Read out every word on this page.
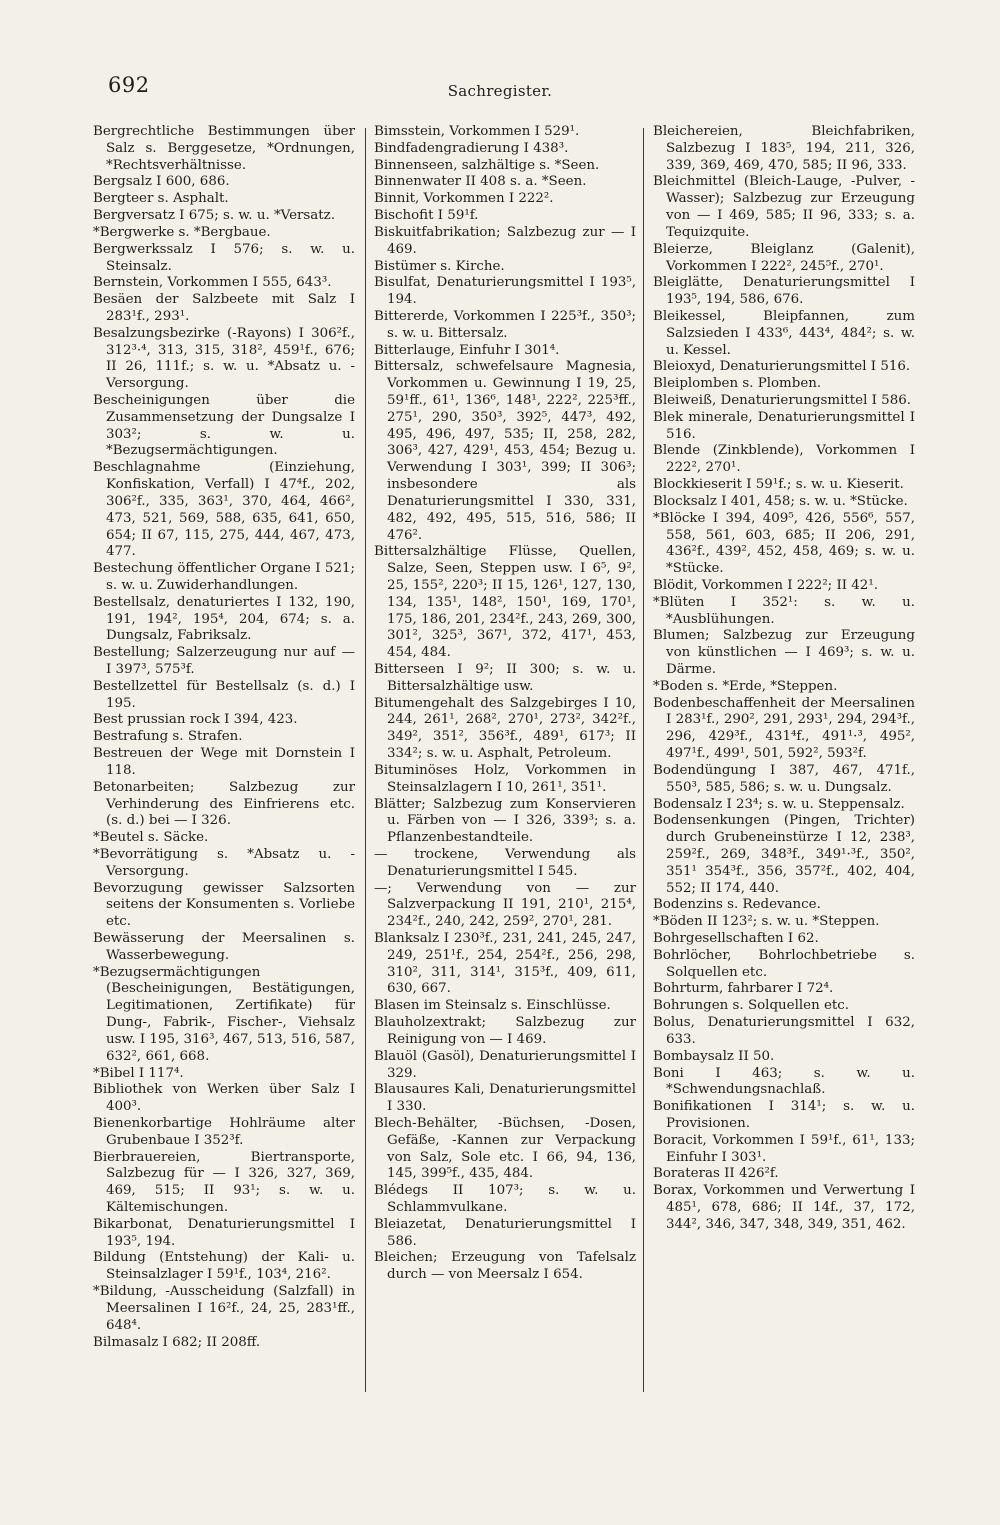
692	Sachregister.
Bergrechtliche Bestimmungen über Salz s. Berggesetze, *Ordnungen, *Rechtsverhältnisse.
Bergsalz I 600, 686.
Bergteer s. Asphalt.
Bergversatz I 675; s. w. u. *Versatz.
*Bergwerke s. *Bergbaue.
Bergwerkssalz I 576; s. w. u. Steinsalz.
Bernstein, Vorkommen I 555, 643³.
Besäen der Salzbeete mit Salz I 283¹f., 293¹.
Besalzungsbezirke (-Rayons) I 306²f., 312³·⁴, 313, 315, 318², 459¹f., 676; II 26, 111f.; s. w. u. *Absatz u. -Versorgung.
Bescheinigungen über die Zusammensetzung der Dungsalze I 303²; s. w. u. *Bezugsermächtigungen.
Beschlagnahme (Einziehung, Konfiskation, Verfall) I 47⁴f., 202, 306²f., 335, 363¹, 370, 464, 466², 473, 521, 569, 588, 635, 641, 650, 654; II 67, 115, 275, 444, 467, 473, 477.
Bestechung öffentlicher Organe I 521; s. w. u. Zuwiderhandlungen.
Bestellsalz, denaturiertes I 132, 190, 191, 194², 195⁴, 204, 674; s. a. Dungsalz, Fabriksalz.
Bestellung; Salzerzeugung nur auf — I 397³, 575³f.
Bestellzettel für Bestellsalz (s. d.) I 195.
Best prussian rock I 394, 423.
Bestrafung s. Strafen.
Bestreuen der Wege mit Dornstein I 118.
Betonarbeiten; Salzbezug zur Verhinderung des Einfrierens etc. (s. d.) bei — I 326.
*Beutel s. Säcke.
*Bevorrätigung s. *Absatz u. -Versorgung.
Bevorzugung gewisser Salzsorten seitens der Konsumenten s. Vorliebe etc.
Bewässerung der Meersalinen s. Wasserbewegung.
*Bezugsermächtigungen (Bescheinigungen, Bestätigungen, Legitimationen, Zertifikate) für Dung-, Fabrik-, Fischer-, Viehsalz usw. I 195, 316³, 467, 513, 516, 587, 632², 661, 668.
*Bibel I 117⁴.
Bibliothek von Werken über Salz I 400³.
Bienenkorbartige Hohlräume alter Grubenbaue I 352³f.
Bierbrauereien, Biertransporte, Salzbezug für — I 326, 327, 369, 469, 515; II 93¹; s. w. u. Kältemischungen.
Bikarbonat, Denaturierungsmittel I 193⁵, 194.
Bildung (Entstehung) der Kali- u. Steinsalzlager I 59¹f., 103⁴, 216².
*Bildung, -Ausscheidung (Salzfall) in Meersalinen I 16²f., 24, 25, 283¹ff., 648⁴.
Bilmasalz I 682; II 208ff.
Bimsstein, Vorkommen I 529¹.
Bindfadengradierung I 438³.
Binnenseen, salzhältige s. *Seen.
Binnenwater II 408 s. a. *Seen.
Binnit, Vorkommen I 222².
Bischofit I 59¹f.
Biskuitfabrikation; Salzbezug zur — I 469.
Bistümer s. Kirche.
Bisulfat, Denaturierungsmittel I 193⁵, 194.
Bittererde, Vorkommen I 225³f., 350³; s. w. u. Bittersalz.
Bitterlauge, Einfuhr I 301⁴.
Bittersalz, schwefelsaure Magnesia, Vorkommen u. Gewinnung I 19, 25, 59¹ff., 61¹, 136⁶, 148¹, 222², 225³ff., 275¹, 290, 350³, 392⁵, 447³, 492, 495, 496, 497, 535; II, 258, 282, 306³, 427, 429¹, 453, 454; Bezug u. Verwendung I 303¹, 399; II 306³; insbesondere als Denaturierungsmittel I 330, 331, 482, 492, 495, 515, 516, 586; II 476².
Bittersalzhältige Flüsse, Quellen, Salze, Seen, Steppen usw. I 6⁵, 9², 25, 155², 220³; II 15, 126¹, 127, 130, 134, 135¹, 148², 150¹, 169, 170¹, 175, 186, 201, 234²f., 243, 269, 300, 301², 325³, 367¹, 372, 417¹, 453, 454, 484.
Bitterseen I 9²; II 300; s. w. u. Bittersalzhältige usw.
Bitumengehalt des Salzgebirges I 10, 244, 261¹, 268², 270¹, 273², 342²f., 349², 351², 356³f., 489¹, 617³; II 334²; s. w. u. Asphalt, Petroleum.
Bituminöses Holz, Vorkommen in Steinsalzlagern I 10, 261¹, 351¹.
Blätter; Salzbezug zum Konservieren u. Färben von — I 326, 339³; s. a. Pflanzenbestandteile.
— trockene, Verwendung als Denaturierungsmittel I 545.
—; Verwendung von — zur Salzverpackung II 191, 210¹, 215⁴, 234²f., 240, 242, 259², 270¹, 281.
Blanksalz I 230³f., 231, 241, 245, 247, 249, 251¹f., 254, 254²f., 256, 298, 310², 311, 314¹, 315³f., 409, 611, 630, 667.
Blasen im Steinsalz s. Einschlüsse.
Blauholzextrakt; Salzbezug zur Reinigung von — I 469.
Blauöl (Gasöl), Denaturierungsmittel I 329.
Blausaures Kali, Denaturierungsmittel I 330.
Blech-Behälter, -Büchsen, -Dosen, Gefäße, -Kannen zur Verpackung von Salz, Sole etc. I 66, 94, 136, 145, 399⁵f., 435, 484.
Blédegs II 107³; s. w. u. Schlammvulkane.
Bleiazetat, Denaturierungsmittel I 586.
Bleichen; Erzeugung von Tafelsalz durch — von Meersalz I 654.
Bleichereien, Bleichfabriken, Salzbezug I 183⁵, 194, 211, 326, 339, 369, 469, 470, 585; II 96, 333.
Bleichmittel (Bleich-Lauge, -Pulver, -Wasser); Salzbezug zur Erzeugung von — I 469, 585; II 96, 333; s. a. Tequizquite.
Bleierze, Bleiglanz (Galenit), Vorkommen I 222², 245⁵f., 270¹.
Bleiglätte, Denaturierungsmittel I 193⁵, 194, 586, 676.
Bleikessel, Bleipfannen, zum Salzsieden I 433⁶, 443⁴, 484²; s. w. u. Kessel.
Bleioxyd, Denaturierungsmittel I 516.
Bleiplomben s. Plomben.
Bleiweiß, Denaturierungsmittel I 586.
Blek minerale, Denaturierungsmittel I 516.
Blende (Zinkblende), Vorkommen I 222², 270¹.
Blockkieserit I 59¹f.; s. w. u. Kieserit.
Blocksalz I 401, 458; s. w. u. *Stücke.
*Blöcke I 394, 409⁵, 426, 556⁶, 557, 558, 561, 603, 685; II 206, 291, 436²f., 439², 452, 458, 469; s. w. u. *Stücke.
Blödit, Vorkommen I 222²; II 42¹.
*Blüten I 352¹: s. w. u. *Ausblühungen.
Blumen; Salzbezug zur Erzeugung von künstlichen — I 469³; s. w. u. Därme.
*Boden s. *Erde, *Steppen.
Bodenbeschaffenheit der Meersalinen I 283¹f., 290², 291, 293¹, 294, 294³f., 296, 429³f., 431⁴f., 491¹·³, 495², 497¹f., 499¹, 501, 592², 593²f.
Bodendüngung I 387, 467, 471f., 550³, 585, 586; s. w. u. Dungsalz.
Bodensalz I 23⁴; s. w. u. Steppensalz.
Bodensenkungen (Pingen, Trichter) durch Grubeneinstürze I 12, 238³, 259²f., 269, 348³f., 349¹·³f., 350², 351¹ 354³f., 356, 357²f., 402, 404, 552; II 174, 440.
Bodenzins s. Redevance.
*Böden II 123²; s. w. u. *Steppen.
Bohrgesellschaften I 62.
Bohrlöcher, Bohrlochbetriebe s. Solquellen etc.
Bohrturm, fahrbarer I 72⁴.
Bohrungen s. Solquellen etc.
Bolus, Denaturierungsmittel I 632, 633.
Bombaysalz II 50.
Boni I 463; s. w. u. *Schwendungsnachlaß.
Bonifikationen I 314¹; s. w. u. Provisionen.
Boracit, Vorkommen I 59¹f., 61¹, 133; Einfuhr I 303¹.
Borateras II 426²f.
Borax, Vorkommen und Verwertung I 485¹, 678, 686; II 14f., 37, 172, 344², 346, 347, 348, 349, 351, 462.
